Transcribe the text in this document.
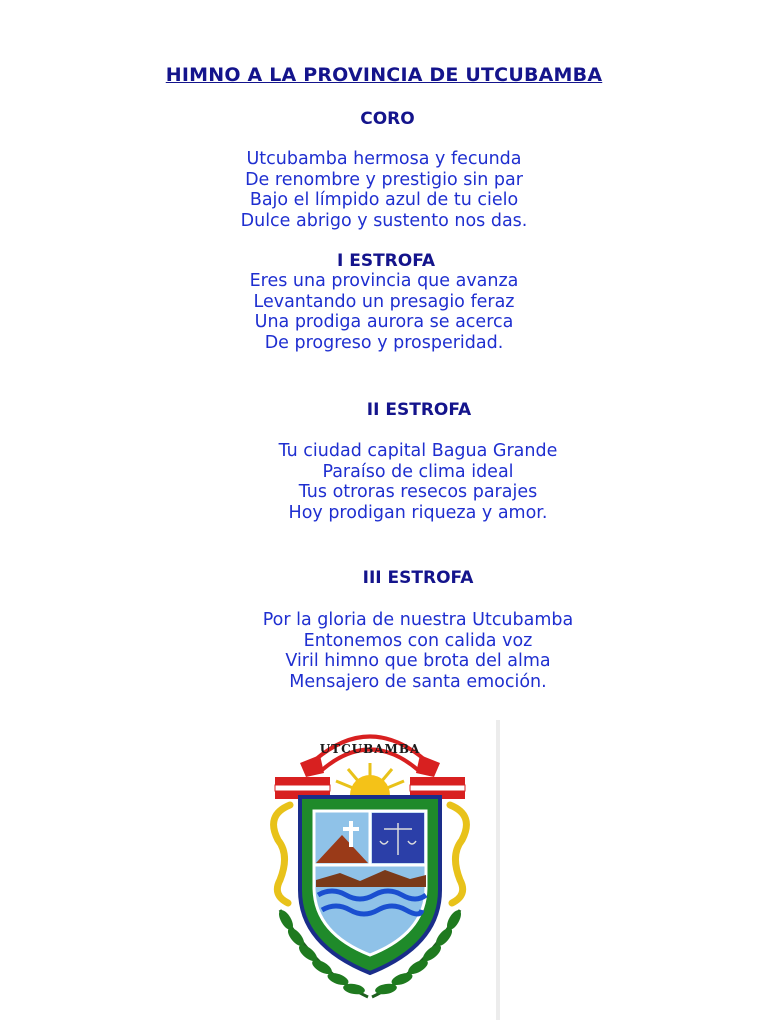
HIMNO A LA PROVINCIA DE UTCUBAMBA
CORO
Utcubamba hermosa y fecunda
De renombre y prestigio sin par
Bajo el límpido azul de tu cielo
Dulce abrigo y sustento nos das.
I ESTROFA
Eres una provincia que avanza
Levantando un presagio feraz
Una prodiga aurora se acerca
De progreso y prosperidad.
II ESTROFA
Tu ciudad capital Bagua Grande
Paraíso de clima ideal
Tus otroras resecos parajes
Hoy prodigan riqueza y amor.
III ESTROFA
Por la gloria de nuestra Utcubamba
Entonemos con calida voz
Viril himno que brota del alma
Mensajero de santa emoción.
UTCUBAMBA
